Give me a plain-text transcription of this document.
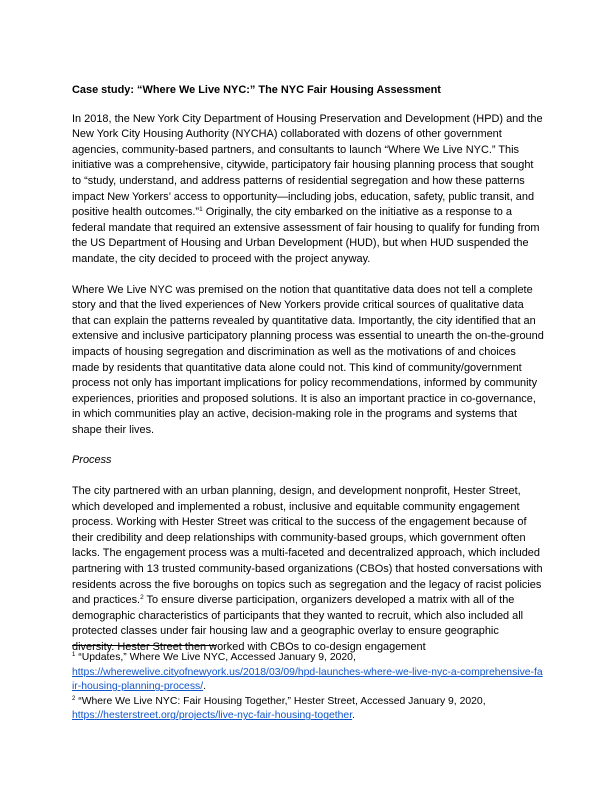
Case study: “Where We Live NYC:” The NYC Fair Housing Assessment

In 2018, the New York City Department of Housing Preservation and Development (HPD) and the New York City Housing Authority (NYCHA) collaborated with dozens of other government agencies, community-based partners, and consultants to launch “Where We Live NYC.” This initiative was a comprehensive, citywide, participatory fair housing planning process that sought to “study, understand, and address patterns of residential segregation and how these patterns impact New Yorkers’ access to opportunity—including jobs, education, safety, public transit, and positive health outcomes.”$^1$ Originally, the city embarked on the initiative as a response to a federal mandate that required an extensive assessment of fair housing to qualify for funding from the US Department of Housing and Urban Development (HUD), but when HUD suspended the mandate, the city decided to proceed with the project anyway.

Where We Live NYC was premised on the notion that quantitative data does not tell a complete story and that the lived experiences of New Yorkers provide critical sources of qualitative data that can explain the patterns revealed by quantitative data. Importantly, the city identified that an extensive and inclusive participatory planning process was essential to unearth the on-the-ground impacts of housing segregation and discrimination as well as the motivations of and choices made by residents that quantitative data alone could not. This kind of community/government process not only has important implications for policy recommendations, informed by community experiences, priorities and proposed solutions. It is also an important practice in co-governance, in which communities play an active, decision-making role in the programs and systems that shape their lives.

Process

The city partnered with an urban planning, design, and development nonprofit, Hester Street, which developed and implemented a robust, inclusive and equitable community engagement process. Working with Hester Street was critical to the success of the engagement because of their credibility and deep relationships with community-based groups, which government often lacks. The engagement process was a multi-faceted and decentralized approach, which included partnering with 13 trusted community-based organizations (CBOs) that hosted conversations with residents across the five boroughs on topics such as segregation and the legacy of racist policies and practices.$^2$ To ensure diverse participation, organizers developed a matrix with all of the demographic characteristics of participants that they wanted to recruit, which also included all protected classes under fair housing law and a geographic overlay to ensure geographic diversity. Hester Street then worked with CBOs to co-design engagement

$^1$ “Updates,” Where We Live NYC, Accessed January 9, 2020,
https://wherewelive.cityofnewyork.us/2018/03/09/hpd-launches-where-we-live-nyc-a-comprehensive-fair-housing-planning-process/.

$^2$ “Where We Live NYC: Fair Housing Together,” Hester Street, Accessed January 9, 2020,
https://hesterstreet.org/projects/live-nyc-fair-housing-together.
